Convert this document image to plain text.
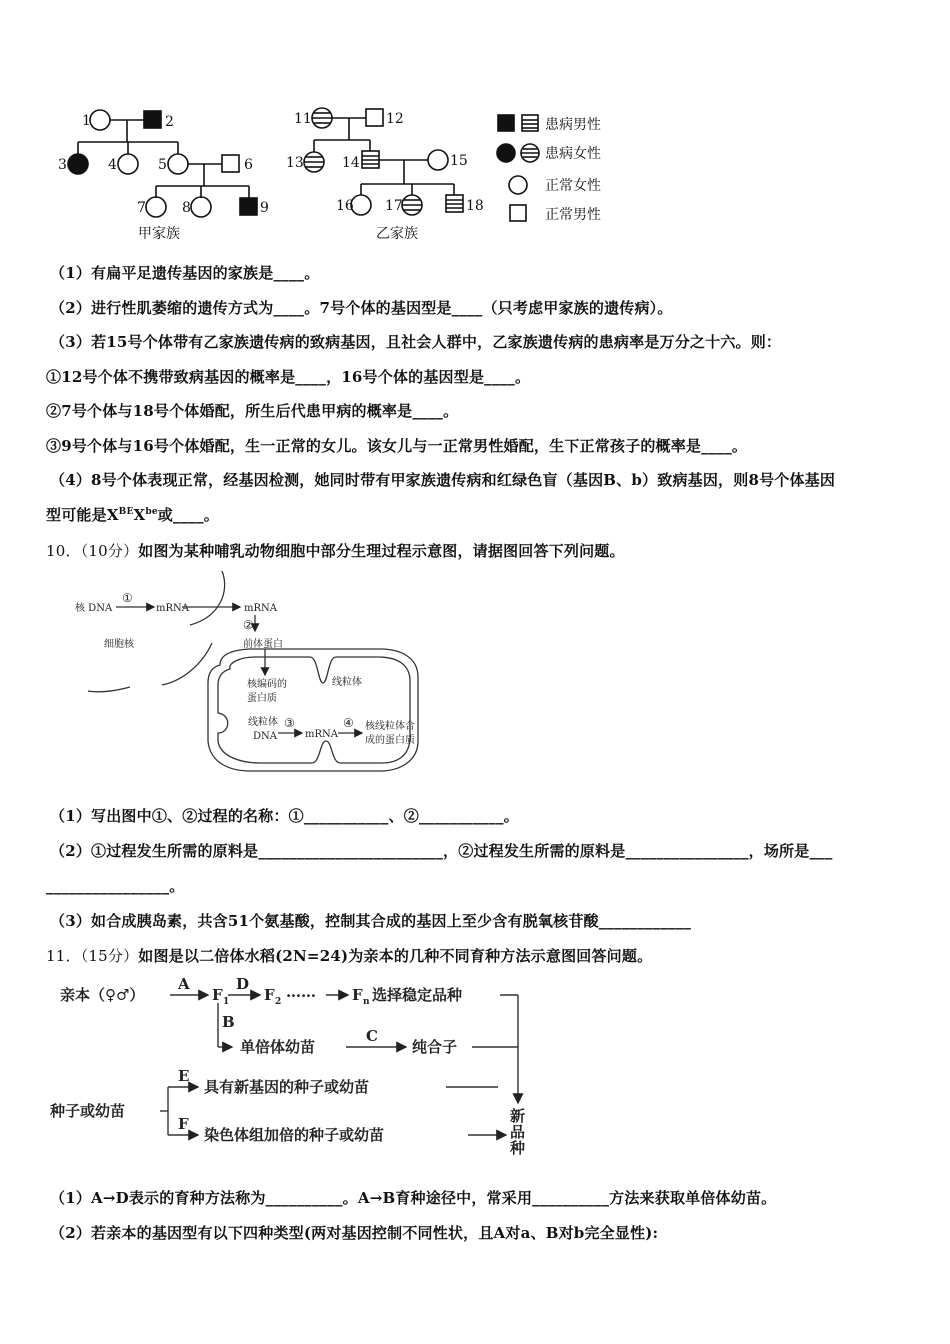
1	2
3	4	5	6
7	8	9
甲家族
11	12
13	14	15
16 17	18
乙家族
患病男性
患病女性
正常女性
正常男性
（1）有扁平足遗传基因的家族是____。
（2）进行性肌萎缩的遗传方式为____。7号个体的基因型是____（只考虑甲家族的遗传病）。
（3）若15号个体带有乙家族遗传病的致病基因，且社会人群中，乙家族遗传病的患病率是万分之十六。则：
①12号个体不携带致病基因的概率是____，16号个体的基因型是____。
②7号个体与18号个体婚配，所生后代患甲病的概率是____。
③9号个体与16号个体婚配，生一正常的女儿。该女儿与一正常男性婚配，生下正常孩子的概率是____。
（4）8号个体表现正常，经基因检测，她同时带有甲家族遗传病和红绿色盲（基因B、b）致病基因，则8号个体基因
型可能是$X^{BE}X^{be}$或____。
10．（10分）如图为某种哺乳动物细胞中部分生理过程示意图，请据图回答下列问题。
核 DNA
①
mRNA	mRNA
②
细胞核	前体蛋白
核编码的
蛋白质
线粒体
线粒体
DNA
③
mRNA
④ 核线粒体合
成的蛋白质
（1）写出图中①、②过程的名称：①___________、②___________。
（2）①过程发生所需的原料是________________________，②过程发生所需的原料是________________，场所是___
________________。
（3）如合成胰岛素，共含51个氨基酸，控制其合成的基因上至少含有脱氧核苷酸____________
11．（15分）如图是以二倍体水稻(2N=24)为亲本的几种不同育种方法示意图回答问题。
亲本（♀♂）
A
F 1
D
F 2
…… F n 选择稳定品种
B
单倍体幼苗
C
纯合子
种子或幼苗
E
具有新基因的种子或幼苗
F
染色体组加倍的种子或幼苗
新
品
种
（1）A→D表示的育种方法称为__________。A→B育种途径中，常采用__________方法来获取单倍体幼苗。
（2）若亲本的基因型有以下四种类型(两对基因控制不同性状，且A对a、B对b完全显性):
